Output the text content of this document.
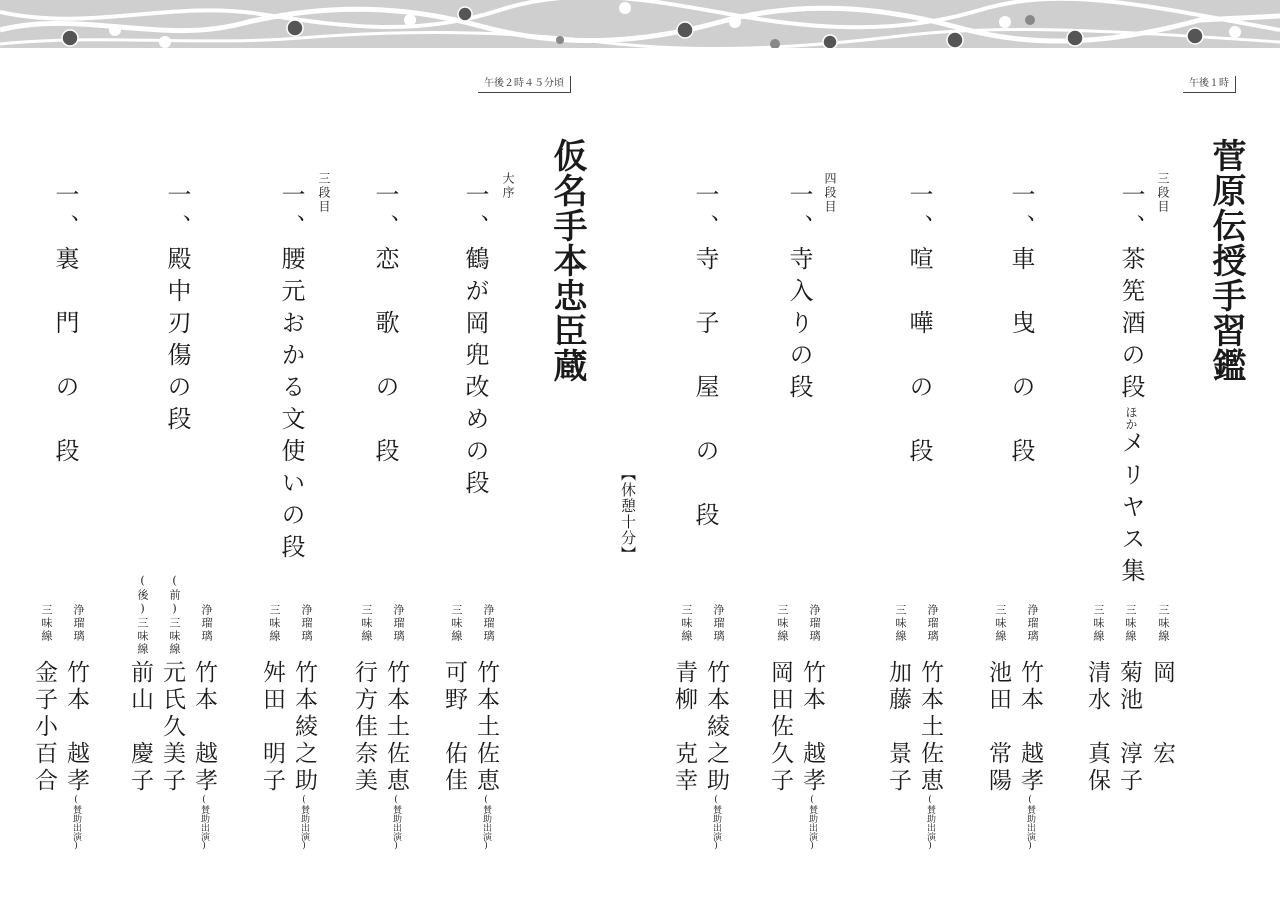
午後１時
午後２時４５分頃
菅原伝授手習鑑
三段目
一、茶筅酒の段ほかメリヤス集
一、車　曳　の　段
一、喧　嘩　の　段
四段目
一、寺入りの段
一、寺　子　屋　の　段
【休憩十分】
仮名手本忠臣蔵
大序
一、鶴が岡兜改めの段
一、恋　歌　の　段
三段目
一、腰元おかる文使いの段
一、殿中刃傷の段
一、裏　門　の　段
三味線
岡　　宏
三味線
菊池　淳子
三味線
清水　真保
浄瑠璃
竹本　越孝(賛助出演)
三味線
池田　常陽
浄瑠璃
竹本土佐恵(賛助出演)
三味線
加藤　景子
浄瑠璃
竹本　越孝(賛助出演)
三味線
岡田佐久子
浄瑠璃
竹本綾之助(賛助出演)
三味線
青柳　克幸
浄瑠璃
竹本土佐恵(賛助出演)
三味線
可野　佑佳
浄瑠璃
竹本土佐恵(賛助出演)
三味線
行方佳奈美
浄瑠璃
竹本綾之助(賛助出演)
三味線
舛田　明子
浄瑠璃
竹本　越孝(賛助出演)
(前)三味線
元氏久美子
(後)三味線
前山　慶子
浄瑠璃
竹本　越孝(賛助出演)
三味線
金子小百合
